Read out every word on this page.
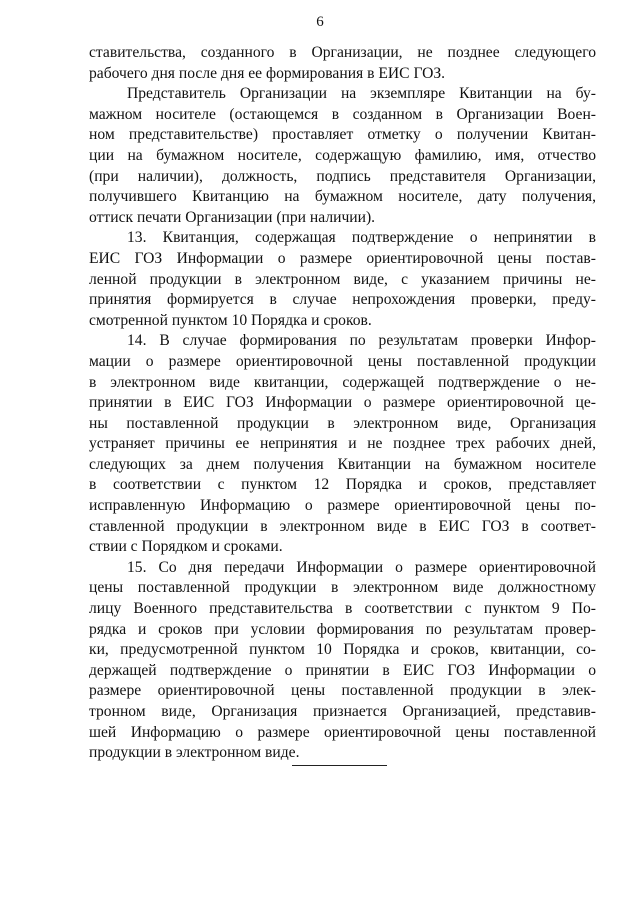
6
ставительства, созданного в Организации, не позднее следующего
рабочего дня после дня ее формирования в ЕИС ГОЗ.
Представитель Организации на экземпляре Квитанции на бу-
мажном носителе (остающемся в созданном в Организации Воен-
ном представительстве) проставляет отметку о получении Квитан-
ции на бумажном носителе, содержащую фамилию, имя, отчество
(при наличии), должность, подпись представителя Организации,
получившего Квитанцию на бумажном носителе, дату получения,
оттиск печати Организации (при наличии).
13. Квитанция, содержащая подтверждение о непринятии в
ЕИС ГОЗ Информации о размере ориентировочной цены постав-
ленной продукции в электронном виде, с указанием причины не-
принятия формируется в случае непрохождения проверки, преду-
смотренной пунктом 10 Порядка и сроков.
14. В случае формирования по результатам проверки Инфор-
мации о размере ориентировочной цены поставленной продукции
в электронном виде квитанции, содержащей подтверждение о не-
принятии в ЕИС ГОЗ Информации о размере ориентировочной це-
ны поставленной продукции в электронном виде, Организация
устраняет причины ее непринятия и не позднее трех рабочих дней,
следующих за днем получения Квитанции на бумажном носителе
в соответствии с пунктом 12 Порядка и сроков, представляет
исправленную Информацию о размере ориентировочной цены по-
ставленной продукции в электронном виде в ЕИС ГОЗ в соответ-
ствии с Порядком и сроками.
15. Со дня передачи Информации о размере ориентировочной
цены поставленной продукции в электронном виде должностному
лицу Военного представительства в соответствии с пунктом 9 По-
рядка и сроков при условии формирования по результатам провер-
ки, предусмотренной пунктом 10 Порядка и сроков, квитанции, со-
держащей подтверждение о принятии в ЕИС ГОЗ Информации о
размере ориентировочной цены поставленной продукции в элек-
тронном виде, Организация признается Организацией, представив-
шей Информацию о размере ориентировочной цены поставленной
продукции в электронном виде.
